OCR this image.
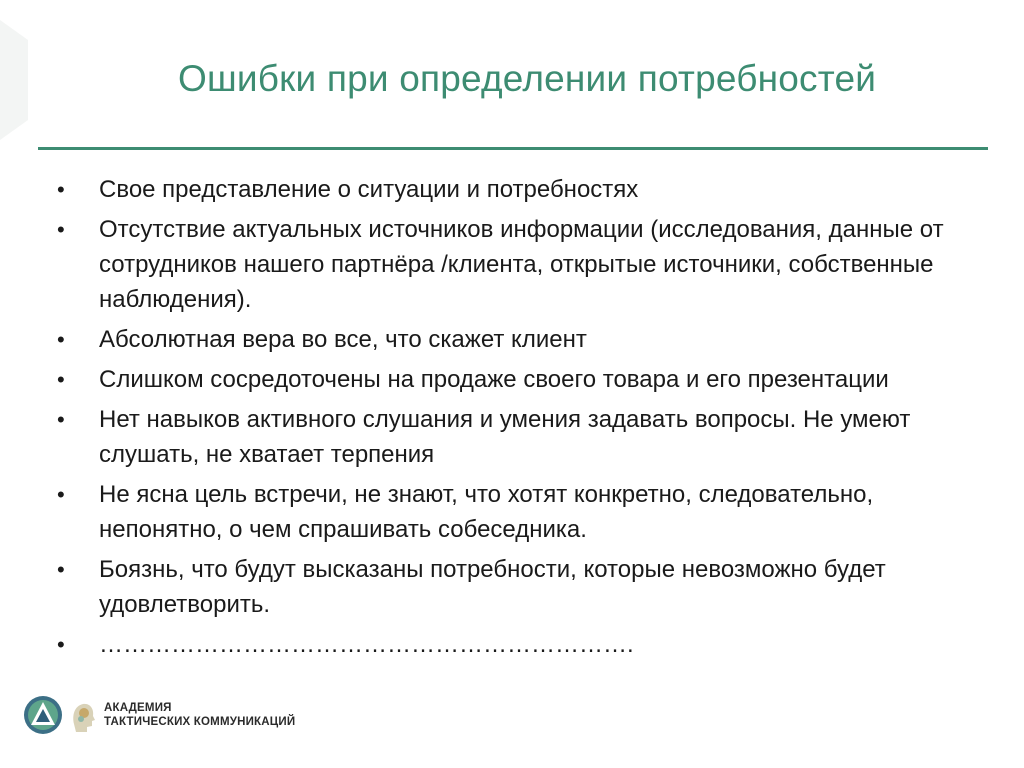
Ошибки при определении потребностей
• Свое представление о ситуации и потребностях
• Отсутствие актуальных источников информации (исследования, данные от сотрудников нашего партнёра /клиента, открытые источники, собственные наблюдения).
• Абсолютная вера во все, что скажет клиент
• Слишком сосредоточены на продаже своего товара и его презентации
• Нет навыков активного слушания и умения задавать вопросы. Не умеют слушать, не хватает терпения
• Не ясна цель встречи, не знают, что хотят конкретно, следовательно, непонятно, о чем спрашивать собеседника.
• Боязнь, что будут высказаны потребности, которые невозможно будет удовлетворить.
• ………………………………………………………….
АКАДЕМИЯ
ТАКТИЧЕСКИХ КОММУНИКАЦИЙ
